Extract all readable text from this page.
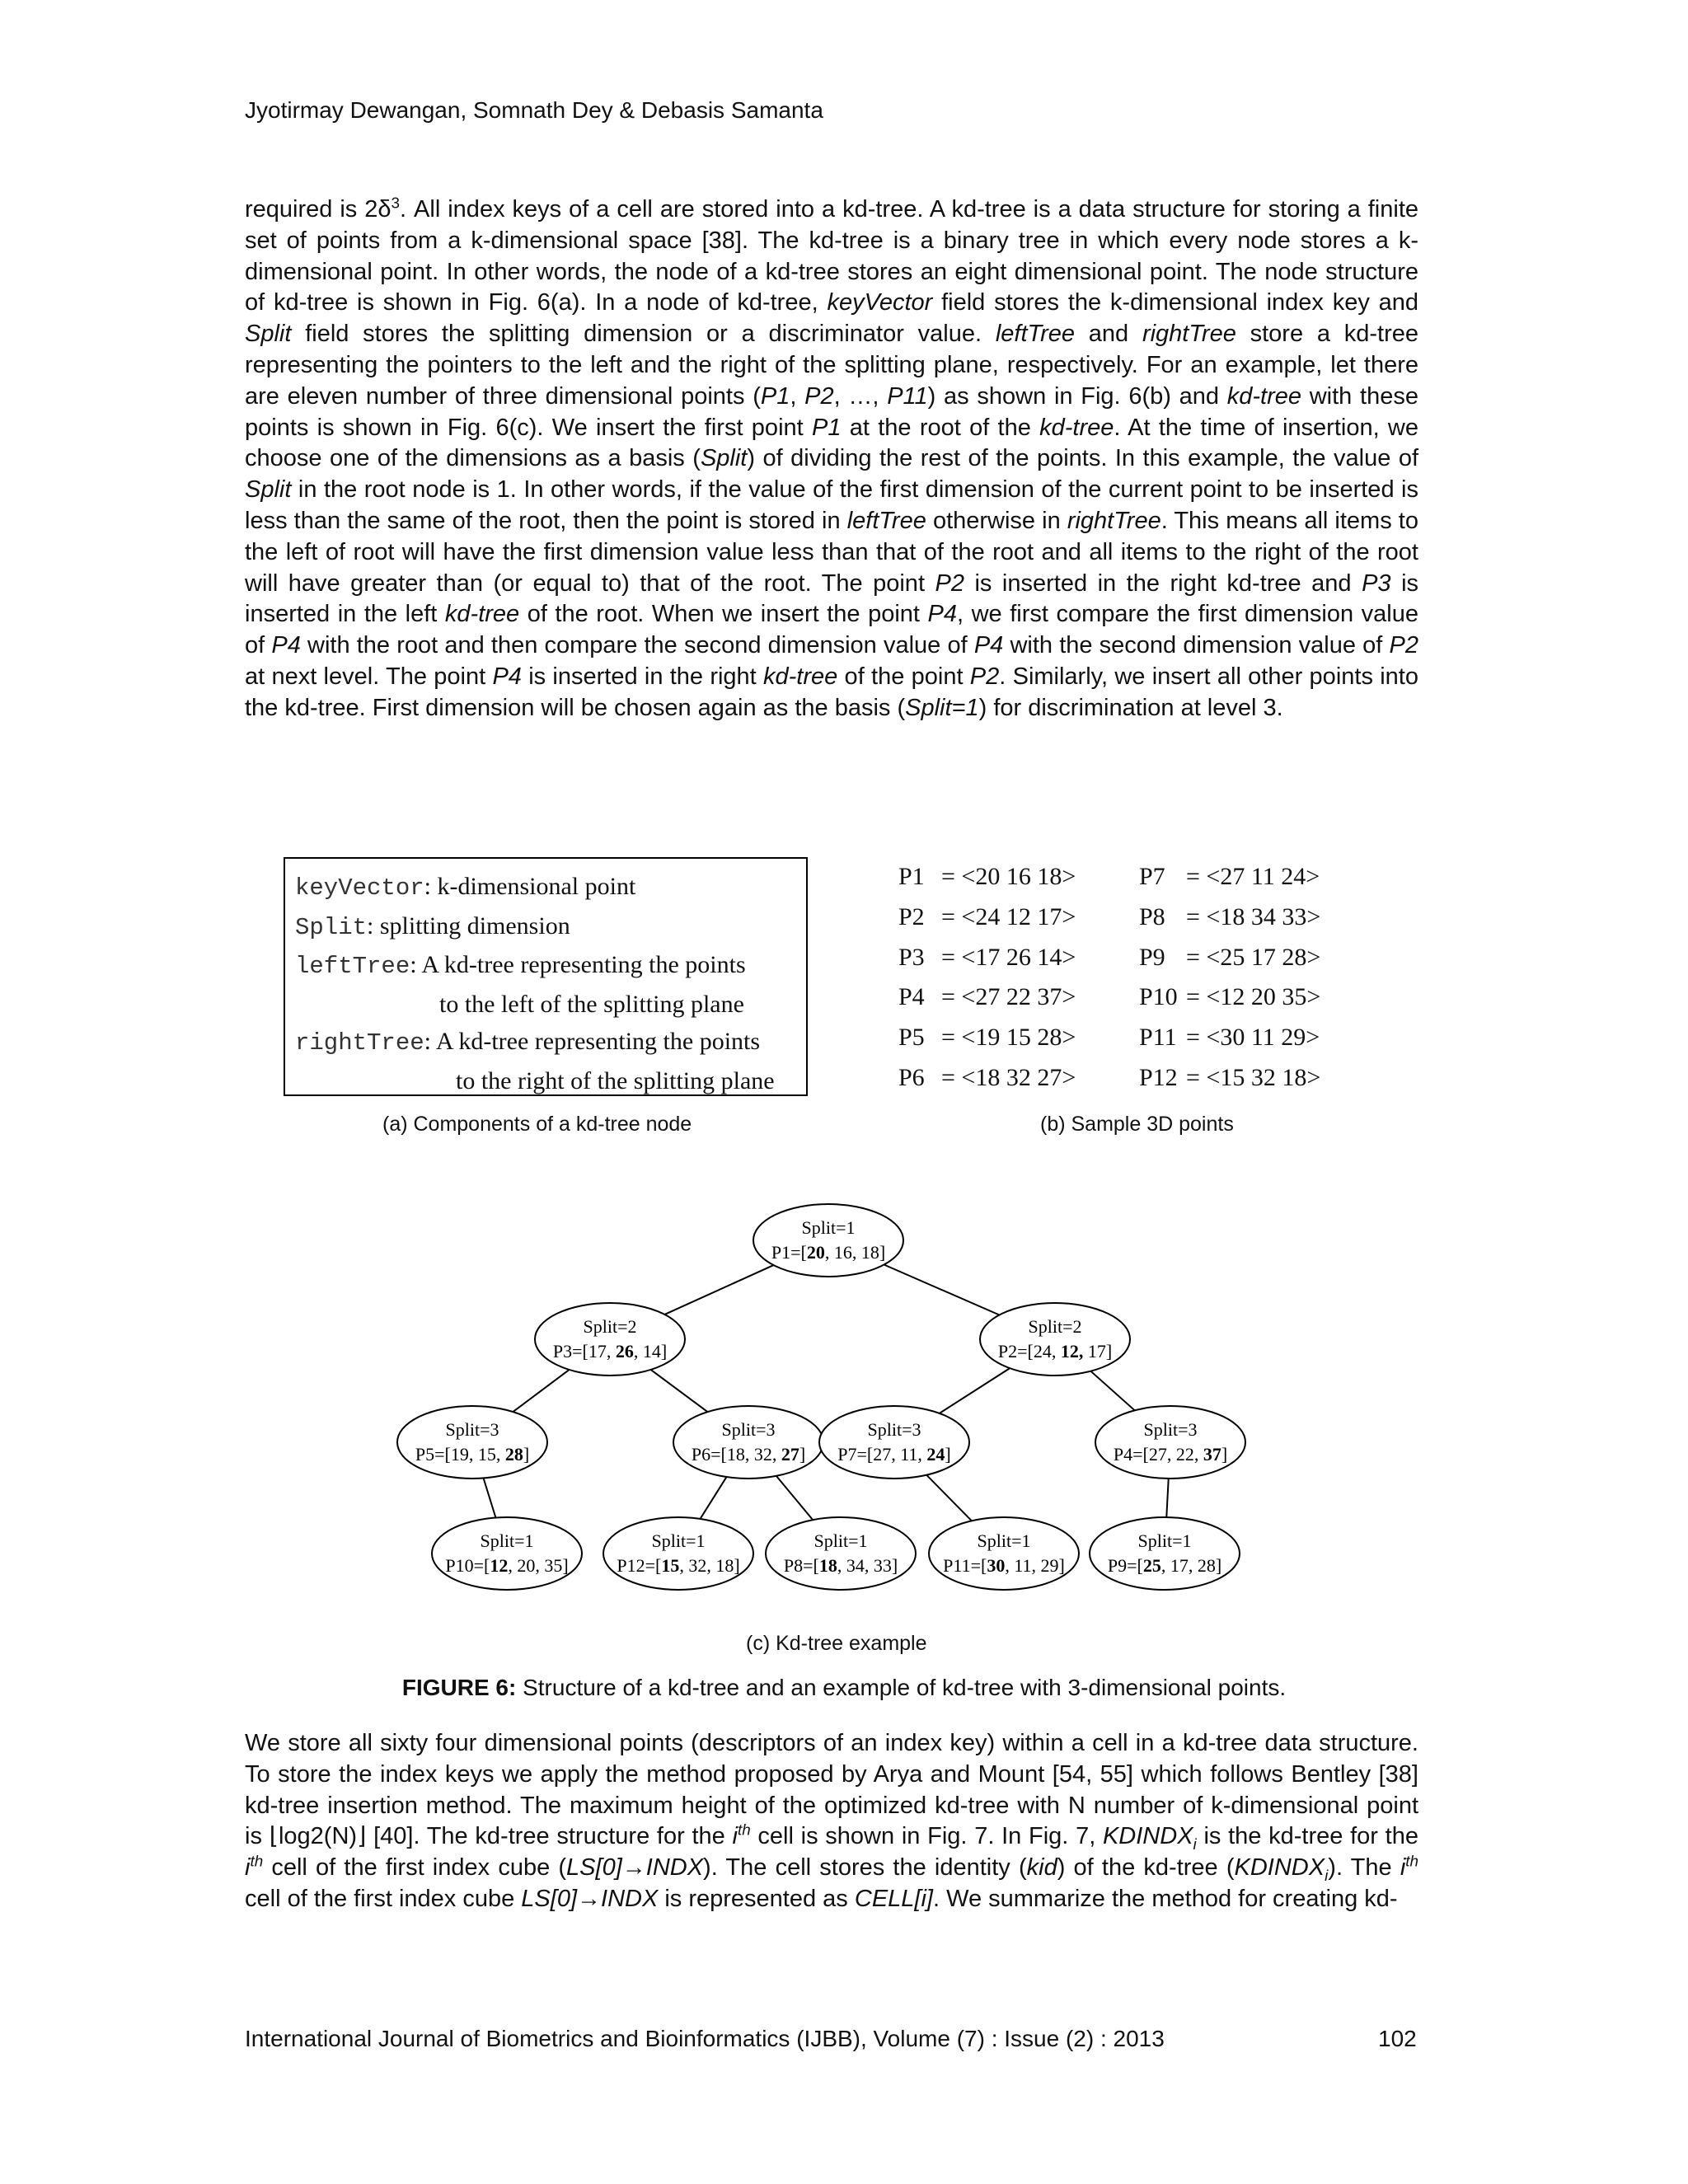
Jyotirmay Dewangan, Somnath Dey & Debasis Samanta

required is $2\delta^3$. All index keys of a cell are stored into a kd-tree. A kd-tree is a data structure for storing a finite set of points from a k-dimensional space [38]. The kd-tree is a binary tree in which every node stores a k-dimensional point. In other words, the node of a kd-tree stores an eight dimensional point. The node structure of kd-tree is shown in Fig. 6(a). In a node of kd-tree, keyVector field stores the k-dimensional index key and Split field stores the splitting dimension or a discriminator value. leftTree and rightTree store a kd-tree representing the pointers to the left and the right of the splitting plane, respectively. For an example, let there are eleven number of three dimensional points (P1, P2, …, P11) as shown in Fig. 6(b) and kd-tree with these points is shown in Fig. 6(c). We insert the first point P1 at the root of the kd-tree. At the time of insertion, we choose one of the dimensions as a basis (Split) of dividing the rest of the points. In this example, the value of Split in the root node is 1. In other words, if the value of the first dimension of the current point to be inserted is less than the same of the root, then the point is stored in leftTree otherwise in rightTree. This means all items to the left of root will have the first dimension value less than that of the root and all items to the right of the root will have greater than (or equal to) that of the root. The point P2 is inserted in the right kd-tree and P3 is inserted in the left kd-tree of the root. When we insert the point P4, we first compare the first dimension value of P4 with the root and then compare the second dimension value of P4 with the second dimension value of P2 at next level. The point P4 is inserted in the right kd-tree of the point P2. Similarly, we insert all other points into the kd-tree. First dimension will be chosen again as the basis (Split=1) for discrimination at level 3.

keyVector: k-dimensional point
Split: splitting dimension
leftTree: A kd-tree representing the points
to the left of the splitting plane
rightTree: A kd-tree representing the points
to the right of the splitting plane
(a) Components of a kd-tree node
P1 = <20 16 18>
P2 = <24 12 17>
P3 = <17 26 14>
P4 = <27 22 37>
P5 = <19 15 28>
P6 = <18 32 27>
P7 = <27 11 24>
P8 = <18 34 33>
P9 = <25 17 28>
P10 = <12 20 35>
P11 = <30 11 29>
P12 = <15 32 18>
(b) Sample 3D points
Split=1
P1=[20, 16, 18]
Split=2
P3=[17, 26, 14]
Split=2
P2=[24, 12, 17]
Split=3
P5=[19, 15, 28]
Split=3
P6=[18, 32, 27]
Split=3
P7=[27, 11, 24]
Split=3
P4=[27, 22, 37]
Split=1
P10=[12, 20, 35]
Split=1
P12=[15, 32, 18]
Split=1
P8=[18, 34, 33]
Split=1
P11=[30, 11, 29]
Split=1
P9=[25, 17, 28]
(c) Kd-tree example
FIGURE 6: Structure of a kd-tree and an example of kd-tree with 3-dimensional points.

We store all sixty four dimensional points (descriptors of an index key) within a cell in a kd-tree data structure. To store the index keys we apply the method proposed by Arya and Mount [54, 55] which follows Bentley [38] kd-tree insertion method. The maximum height of the optimized kd-tree with N number of k-dimensional point is ⌊log2(N)⌋ [40]. The kd-tree structure for the $i^{th}$ cell is shown in Fig. 7. In Fig. 7, $KDINDX_i$ is the kd-tree for the $i^{th}$ cell of the first index cube (LS[0]→INDX). The cell stores the identity (kid) of the kd-tree $(KDINDX_i)$. The $i^{th}$ cell of the first index cube LS[0]→INDX is represented as CELL[i]. We summarize the method for creating kd-

International Journal of Biometrics and Bioinformatics (IJBB), Volume (7) : Issue (2) : 2013	102
